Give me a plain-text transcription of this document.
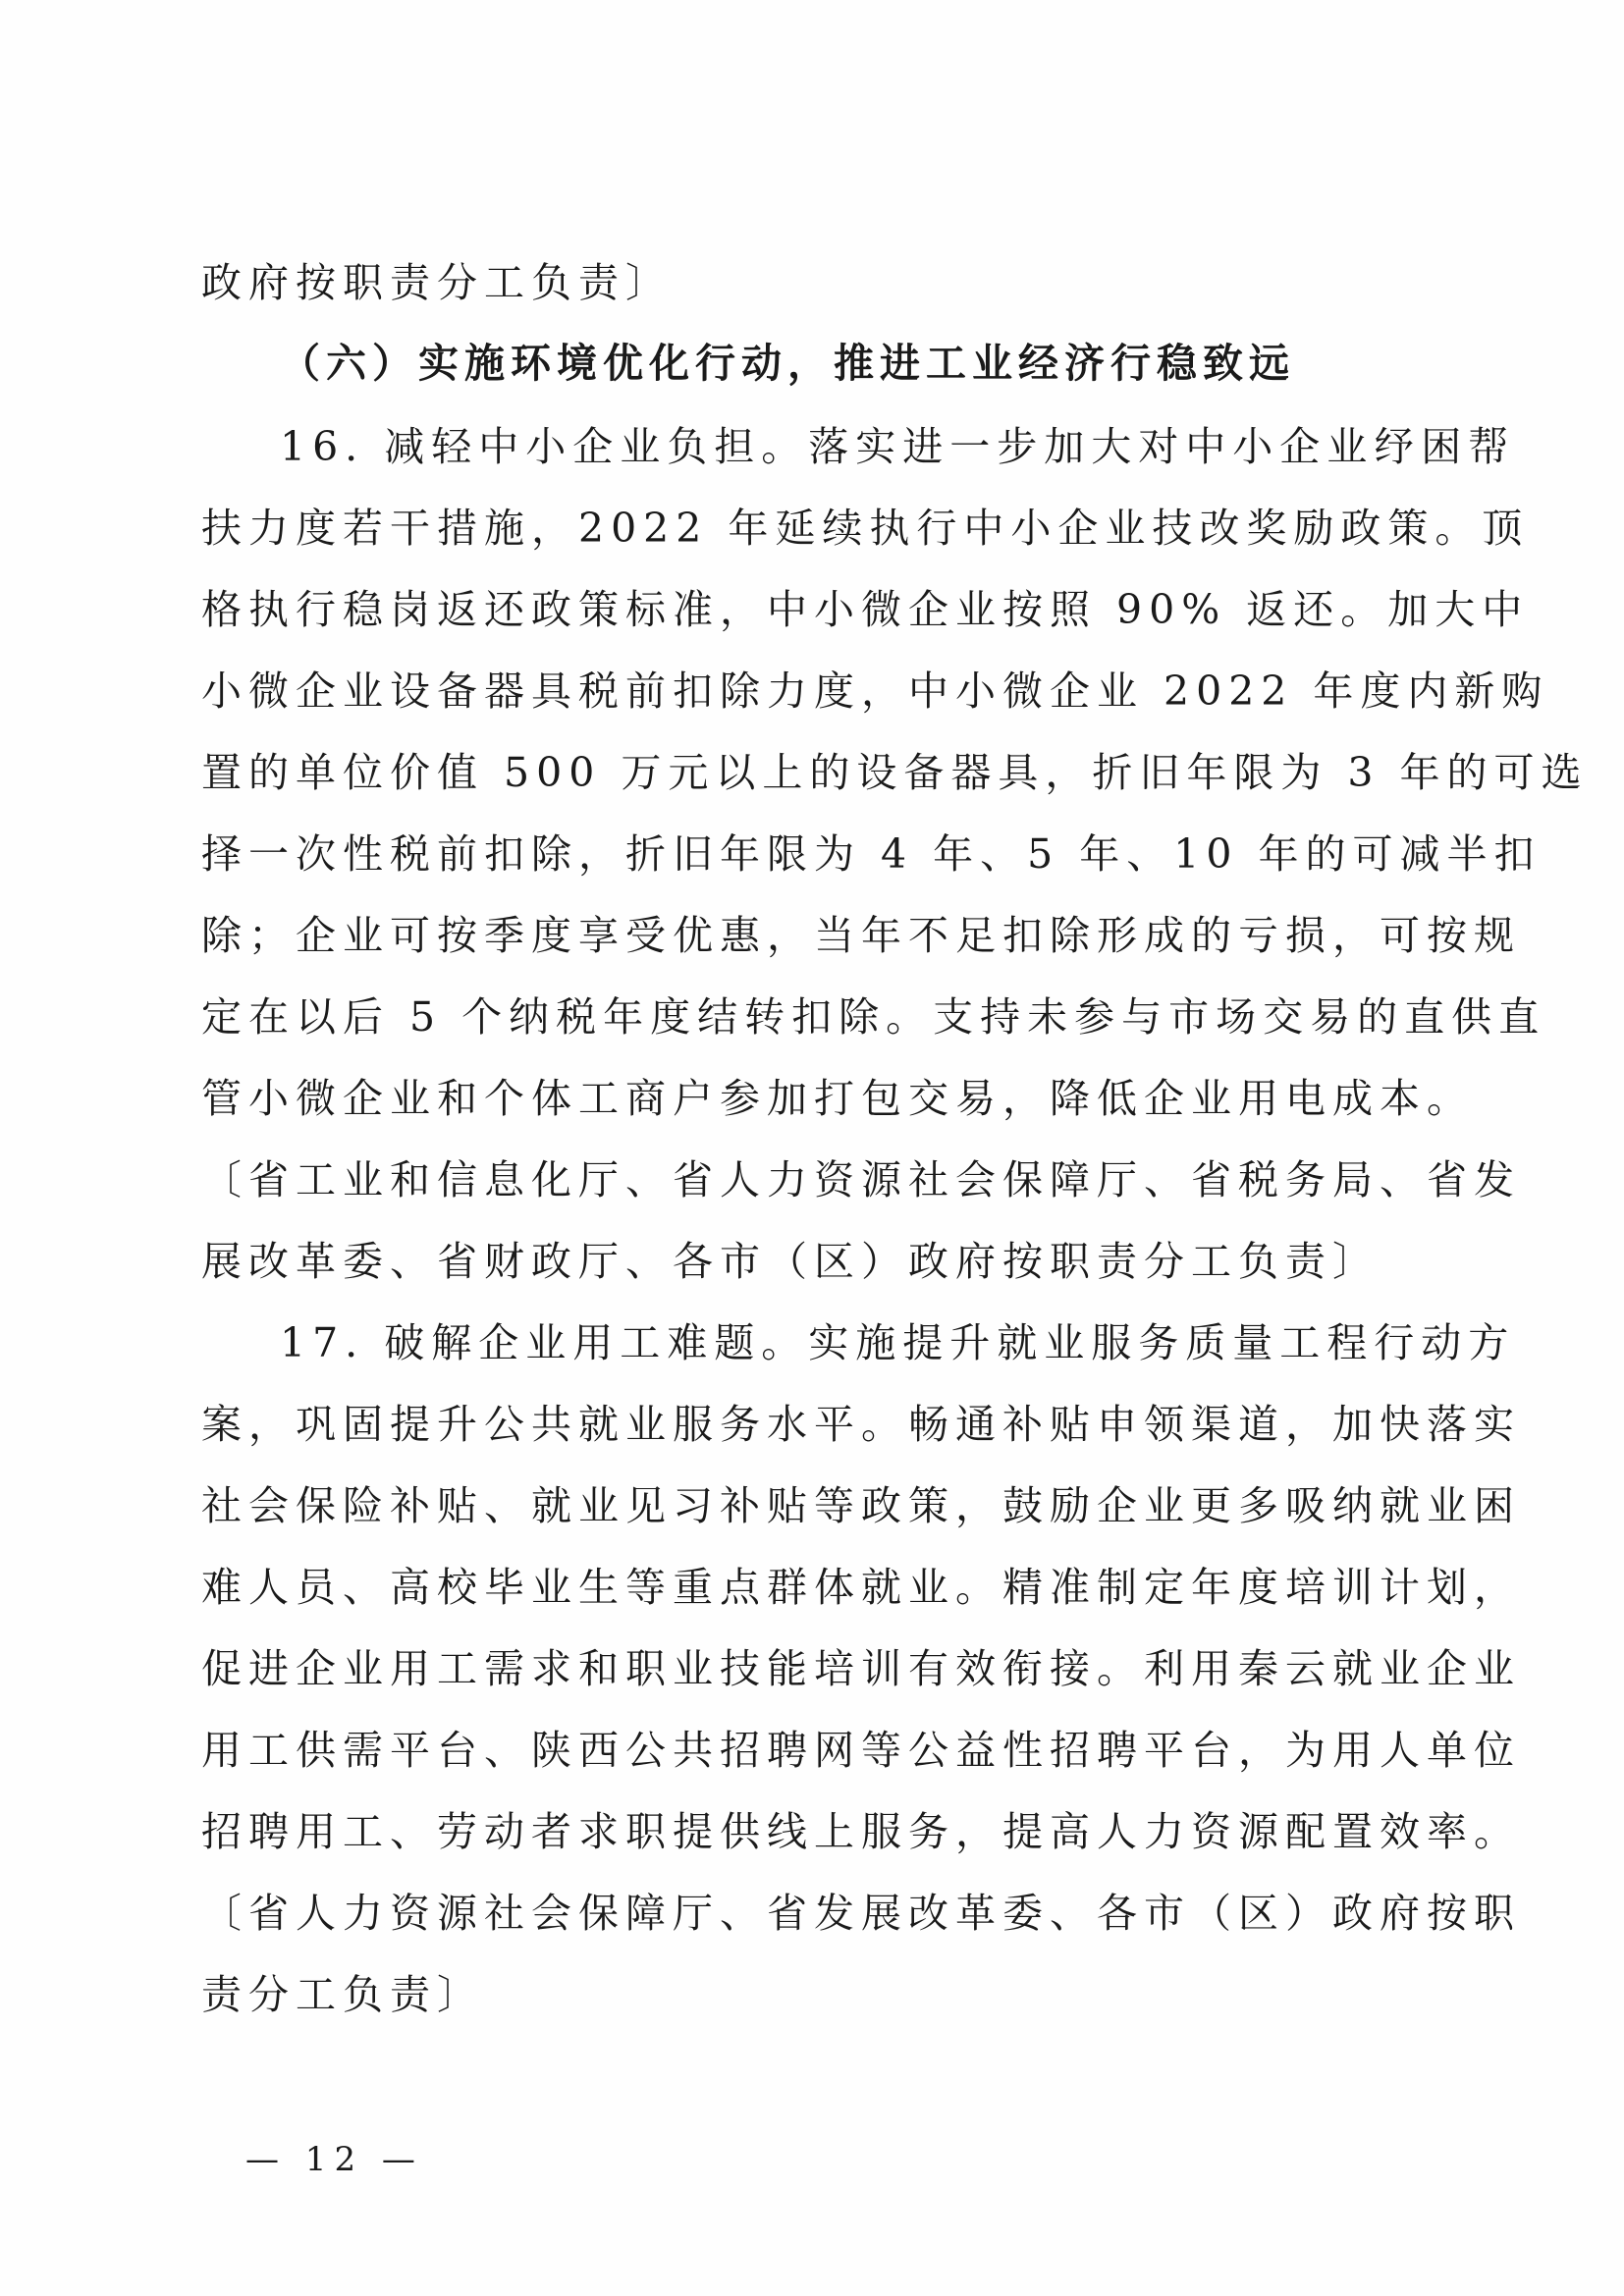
政府按职责分工负责〕
（六）实施环境优化行动，推进工业经济行稳致远
16. 减轻中小企业负担。落实进一步加大对中小企业纾困帮
扶力度若干措施，2022 年延续执行中小企业技改奖励政策。顶
格执行稳岗返还政策标准，中小微企业按照 90% 返还。加大中
小微企业设备器具税前扣除力度，中小微企业 2022 年度内新购
置的单位价值 500 万元以上的设备器具，折旧年限为 3 年的可选
择一次性税前扣除，折旧年限为 4 年、5 年、10 年的可减半扣
除；企业可按季度享受优惠，当年不足扣除形成的亏损，可按规
定在以后 5 个纳税年度结转扣除。支持未参与市场交易的直供直
管小微企业和个体工商户参加打包交易，降低企业用电成本。
〔省工业和信息化厅、省人力资源社会保障厅、省税务局、省发
展改革委、省财政厅、各市（区）政府按职责分工负责〕
17. 破解企业用工难题。实施提升就业服务质量工程行动方
案，巩固提升公共就业服务水平。畅通补贴申领渠道，加快落实
社会保险补贴、就业见习补贴等政策，鼓励企业更多吸纳就业困
难人员、高校毕业生等重点群体就业。精准制定年度培训计划，
促进企业用工需求和职业技能培训有效衔接。利用秦云就业企业
用工供需平台、陕西公共招聘网等公益性招聘平台，为用人单位
招聘用工、劳动者求职提供线上服务，提高人力资源配置效率。
〔省人力资源社会保障厅、省发展改革委、各市（区）政府按职
责分工负责〕
— 12 —
